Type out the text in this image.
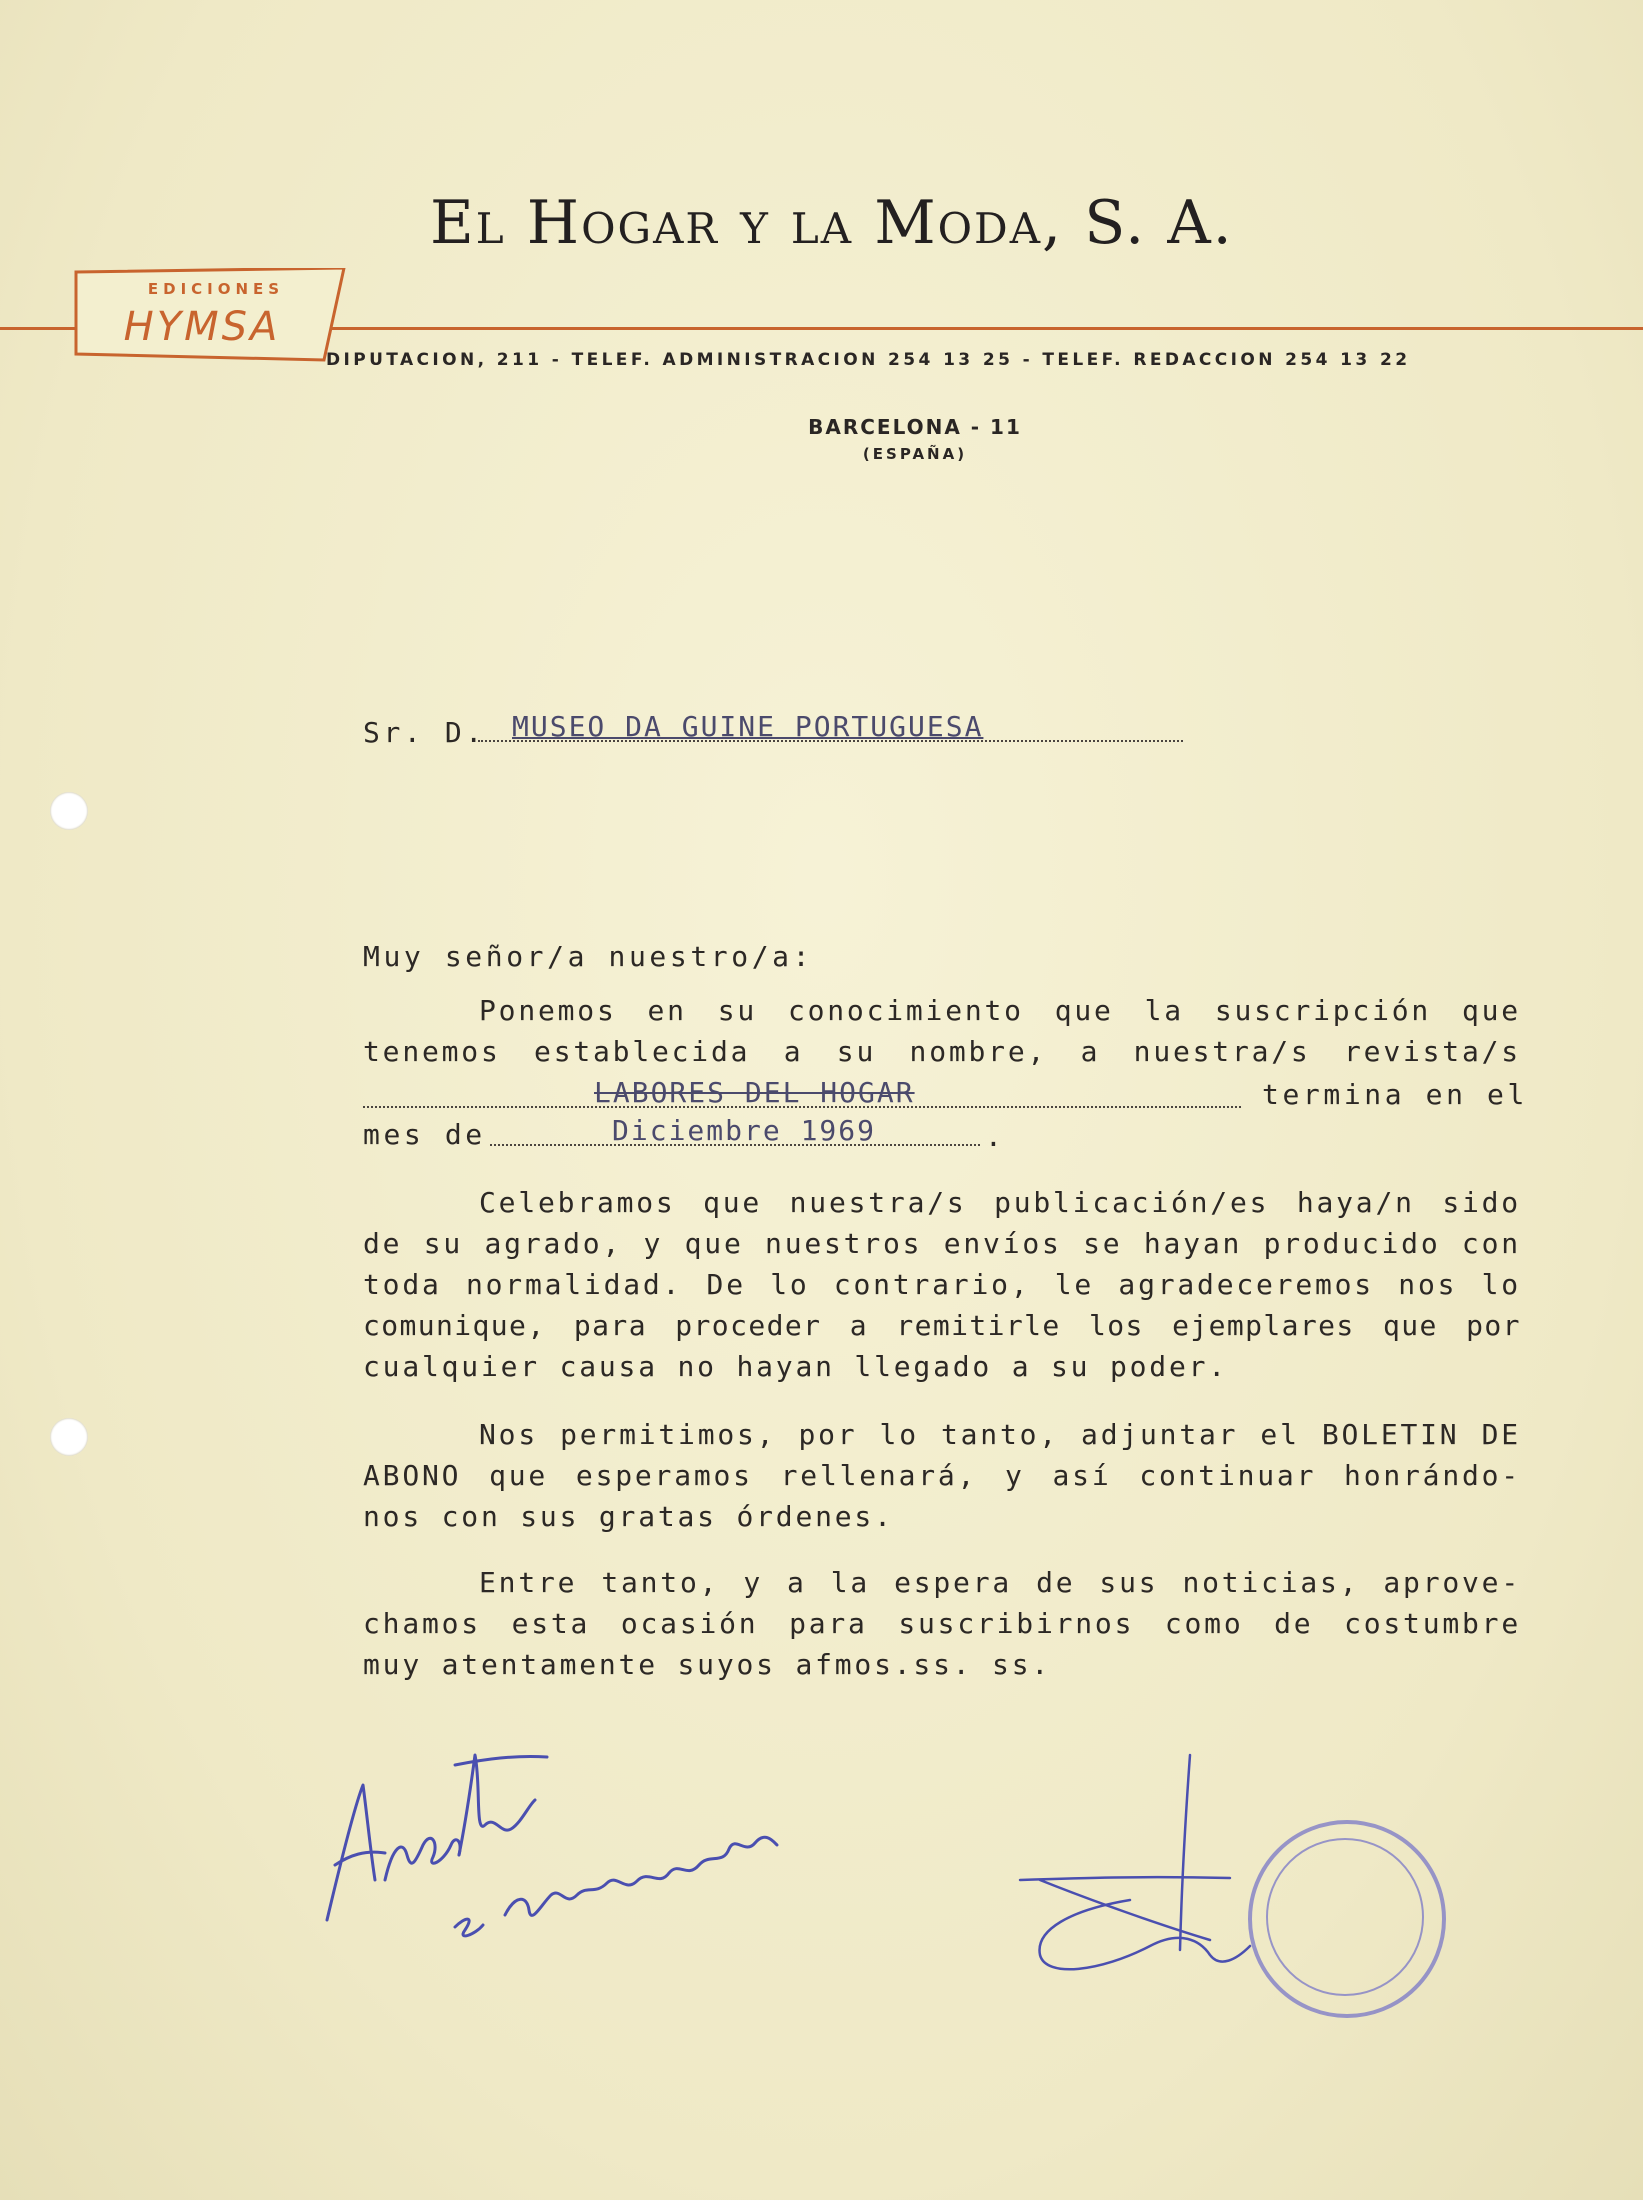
El Hogar y la Moda, S. A.
EDICIONES
HYMSA
DIPUTACION, 211 - TELEF. ADMINISTRACION 254 13 25 - TELEF. REDACCION 254 13 22
BARCELONA - 11
(ESPAÑA)
Sr. D. MUSEO DA GUINE PORTUGUESA
Muy señor/a nuestro/a:
Ponemos en su conocimiento que la suscripción que
tenemos establecida a su nombre, a nuestra/s revista/s
LABORES DEL HOGAR	termina en el
mes de	Diciembre 1969	.
Celebramos que nuestra/s publicación/es haya/n sido
de su agrado, y que nuestros envíos se hayan producido con
toda normalidad. De lo contrario, le agradeceremos nos lo
comunique, para proceder a remitirle los ejemplares que por
cualquier causa no hayan llegado a su poder.
Nos permitimos, por lo tanto, adjuntar el BOLETIN DE
ABONO que esperamos rellenará, y así continuar honrándo-
nos con sus gratas órdenes.
Entre tanto, y a la espera de sus noticias, aprove-
chamos esta ocasión para suscribirnos como de costumbre
muy atentamente suyos afmos.ss. ss.
